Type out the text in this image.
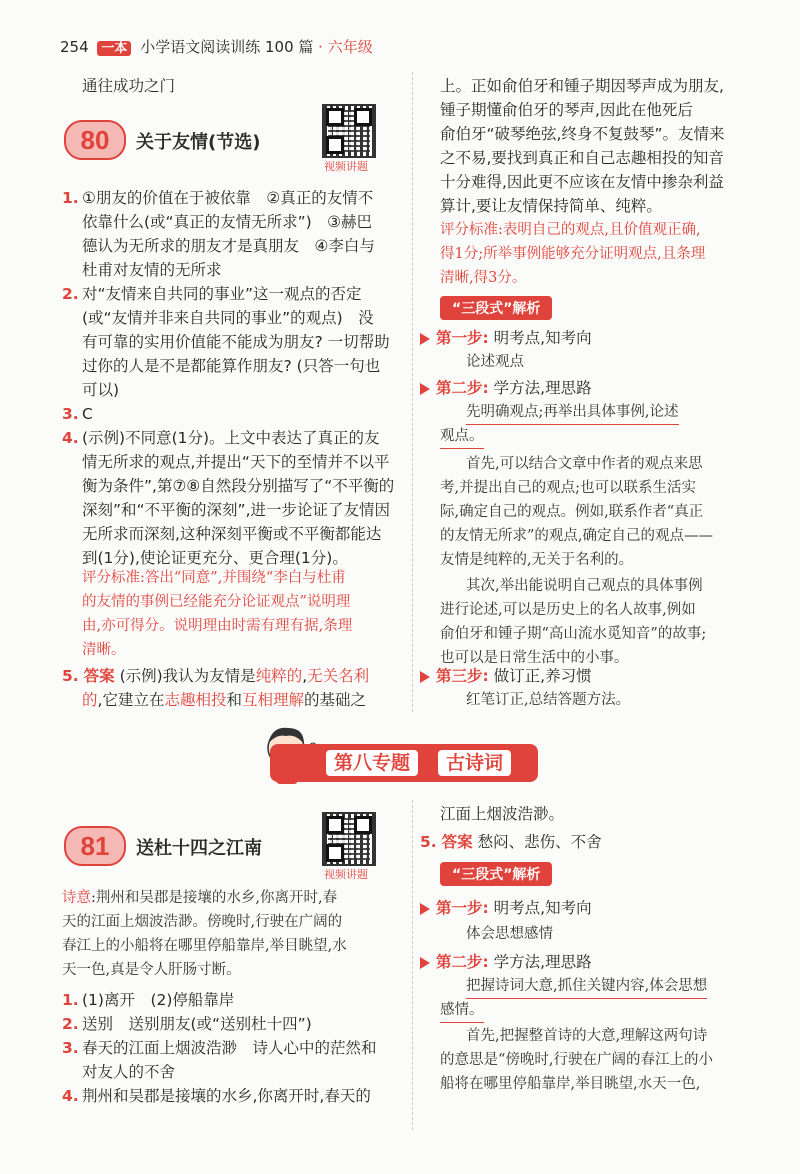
254 一本 小学语文阅读训练 100 篇 · 六年级
通往成功之门
80	关于友情(节选)
视频讲题
1. ①朋友的价值在于被依靠　②真正的友情不
依靠什么(或“真正的友情无所求”)　③赫巴
德认为无所求的朋友才是真朋友　④李白与
杜甫对友情的无所求
2. 对“友情来自共同的事业”这一观点的否定
(或“友情并非来自共同的事业”的观点)　没
有可靠的实用价值能不能成为朋友? 一切帮助
过你的人是不是都能算作朋友? (只答一句也
可以)
3. C
4. (示例)不同意(1分)。上文中表达了真正的友
情无所求的观点,并提出“天下的至情并不以平
衡为条件”,第⑦⑧自然段分别描写了“不平衡的
深刻”和“不平衡的深刻”,进一步论证了友情因
无所求而深刻,这种深刻平衡或不平衡都能达
到(1分),使论证更充分、更合理(1分)。
评分标准:答出“同意”,并围绕“李白与杜甫
的友情的事例已经能充分论证观点”说明理
由,亦可得分。说明理由时需有理有据,条理
清晰。
5. 答案 (示例)我认为友情是纯粹的,无关名利
的,它建立在志趣相投和互相理解的基础之
上。正如俞伯牙和锺子期因琴声成为朋友,
锺子期懂俞伯牙的琴声,因此在他死后
俞伯牙“破琴绝弦,终身不复鼓琴”。友情来
之不易,要找到真正和自己志趣相投的知音
十分难得,因此更不应该在友情中掺杂利益
算计,要让友情保持简单、纯粹。
评分标准:表明自己的观点,且价值观正确,
得1分;所举事例能够充分证明观点,且条理
清晰,得3分。
“三段式”解析
第一步: 明考点,知考向
论述观点
第二步: 学方法,理思路
先明确观点;再举出具体事例,论述
观点。
首先,可以结合文章中作者的观点来思
考,并提出自己的观点;也可以联系生活实
际,确定自己的观点。例如,联系作者“真正
的友情无所求”的观点,确定自己的观点——
友情是纯粹的,无关于名利的。
其次,举出能说明自己观点的具体事例
进行论述,可以是历史上的名人故事,例如
俞伯牙和锺子期“高山流水觅知音”的故事;
也可以是日常生活中的小事。
第三步: 做订正,养习惯
红笔订正,总结答题方法。
第八专题	古诗词
81	送杜十四之江南
视频讲题
诗意:荆州和吴郡是接壤的水乡,你离开时,春
天的江面上烟波浩渺。傍晚时,行驶在广阔的
春江上的小船将在哪里停船靠岸,举目眺望,水
天一色,真是令人肝肠寸断。
1. (1)离开　(2)停船靠岸
2. 送别　送别朋友(或“送别杜十四”)
3. 春天的江面上烟波浩渺　诗人心中的茫然和
对友人的不舍
4. 荆州和吴郡是接壤的水乡,你离开时,春天的
江面上烟波浩渺。
5. 答案 愁闷、悲伤、不舍
“三段式”解析
第一步: 明考点,知考向
体会思想感情
第二步: 学方法,理思路
把握诗词大意,抓住关键内容,体会思想
感情。
首先,把握整首诗的大意,理解这两句诗
的意思是“傍晚时,行驶在广阔的春江上的小
船将在哪里停船靠岸,举目眺望,水天一色,
